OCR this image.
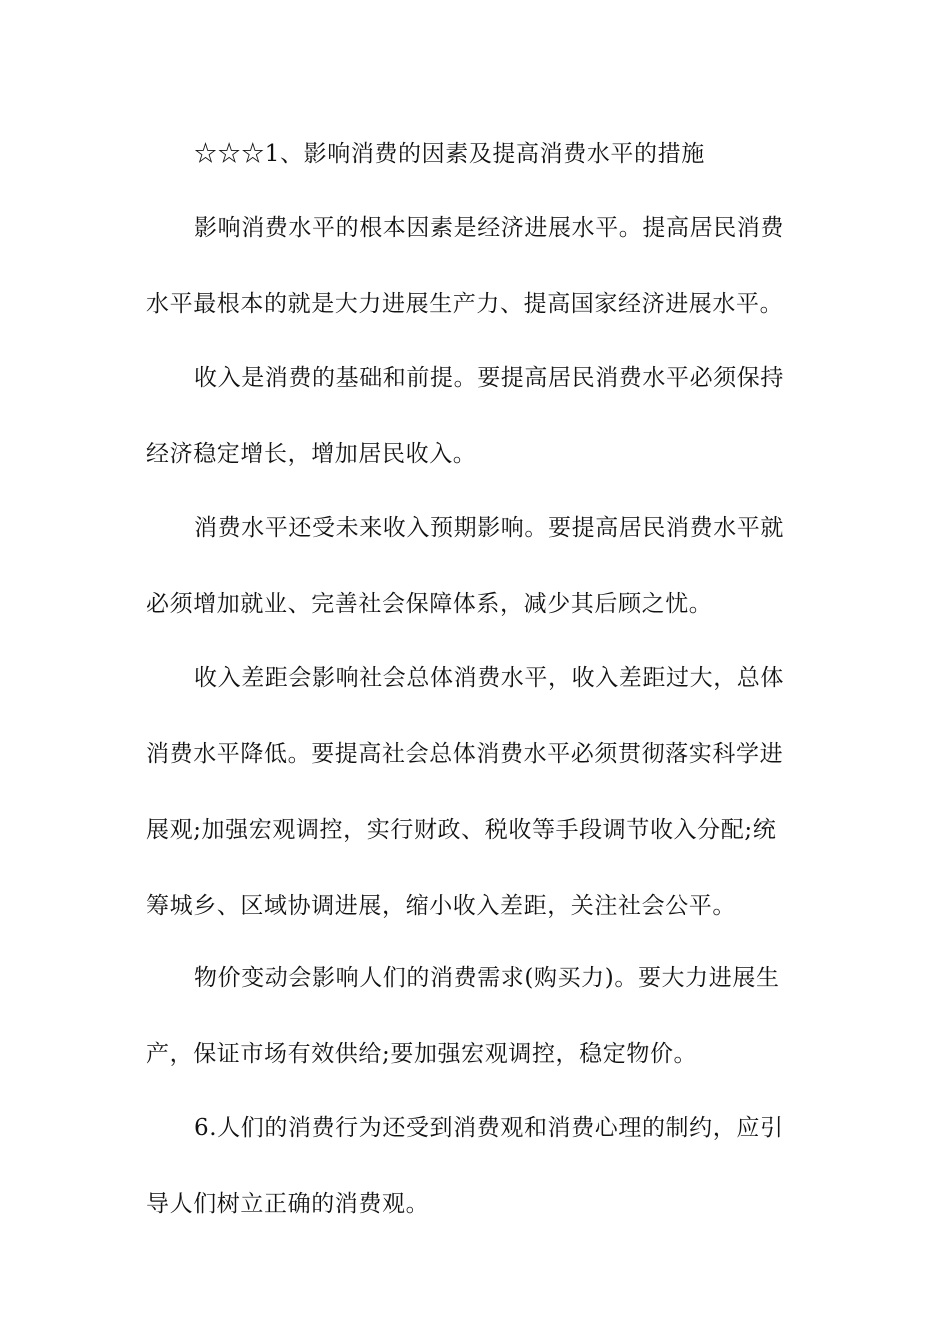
☆☆☆1、影响消费的因素及提高消费水平的措施

影响消费水平的根本因素是经济进展水平。提高居民消费
水平最根本的就是大力进展生产力、提高国家经济进展水平。

收入是消费的基础和前提。要提高居民消费水平必须保持
经济稳定增长，增加居民收入。

消费水平还受未来收入预期影响。要提高居民消费水平就
必须增加就业、完善社会保障体系，减少其后顾之忧。

收入差距会影响社会总体消费水平，收入差距过大，总体
消费水平降低。要提高社会总体消费水平必须贯彻落实科学进
展观;加强宏观调控，实行财政、税收等手段调节收入分配;统
筹城乡、区域协调进展，缩小收入差距，关注社会公平。

物价变动会影响人们的消费需求(购买力)。要大力进展生
产，保证市场有效供给;要加强宏观调控，稳定物价。

6.人们的消费行为还受到消费观和消费心理的制约，应引
导人们树立正确的消费观。
